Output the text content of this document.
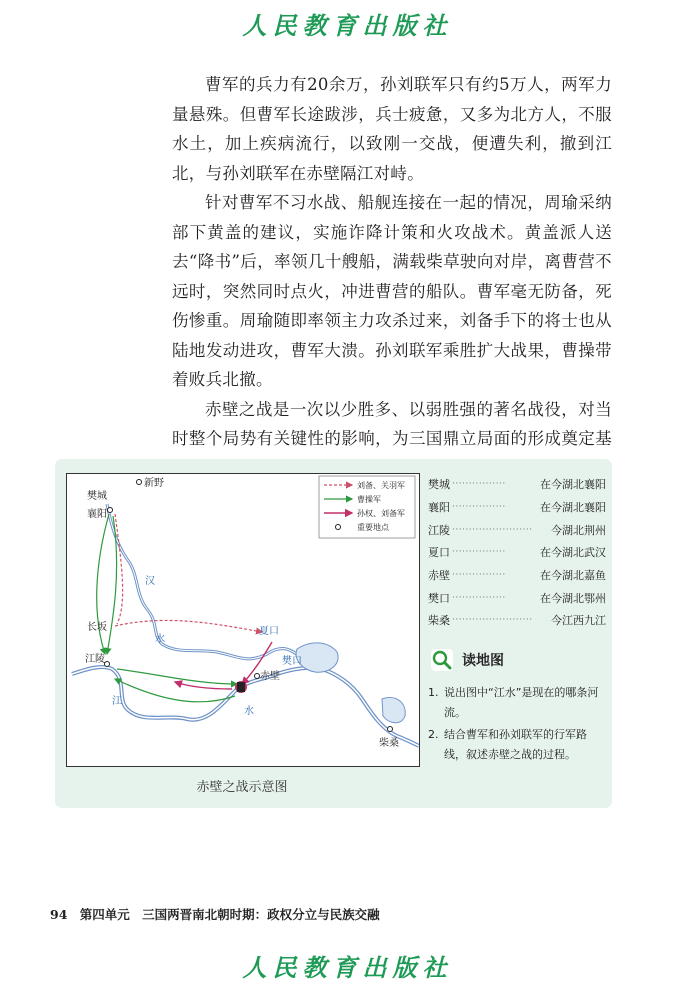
人民教育出版社

曹军的兵力有20余万，孙刘联军只有约5万人，两军力量悬殊。但曹军长途跋涉，兵士疲惫，又多为北方人，不服水土，加上疾病流行，以致刚一交战，便遭失利，撤到江北，与孙刘联军在赤壁隔江对峙。

针对曹军不习水战、船舰连接在一起的情况，周瑜采纳部下黄盖的建议，实施诈降计策和火攻战术。黄盖派人送去“降书”后，率领几十艘船，满载柴草驶向对岸，离曹营不远时，突然同时点火，冲进曹营的船队。曹军毫无防备，死伤惨重。周瑜随即率领主力攻杀过来，刘备手下的将士也从陆地发动进攻，曹军大溃。孙刘联军乘胜扩大战果，曹操带着败兵北撤。

赤壁之战是一次以少胜多、以弱胜强的著名战役，对当时整个局势有关键性的影响，为三国鼎立局面的形成奠定基

新野
樊城
襄阳
长坂
江陵
赤壁
夏口
樊口
柴桑
汉
水
江
水
刘备、关羽军
曹操军
孙权、刘备军
重要地点
赤壁之战示意图
樊城 ················	在今湖北襄阳
襄阳 ················	在今湖北襄阳
江陵 ························	今湖北荆州
夏口 ················	在今湖北武汉
赤壁 ················	在今湖北嘉鱼
樊口 ················	在今湖北鄂州
柴桑 ························	今江西九江
读地图
1. 说出图中“江水”是现在的哪条河流。
2. 结合曹军和孙刘联军的行军路线，叙述赤壁之战的过程。
94 第四单元 三国两晋南北朝时期：政权分立与民族交融
人民教育出版社
